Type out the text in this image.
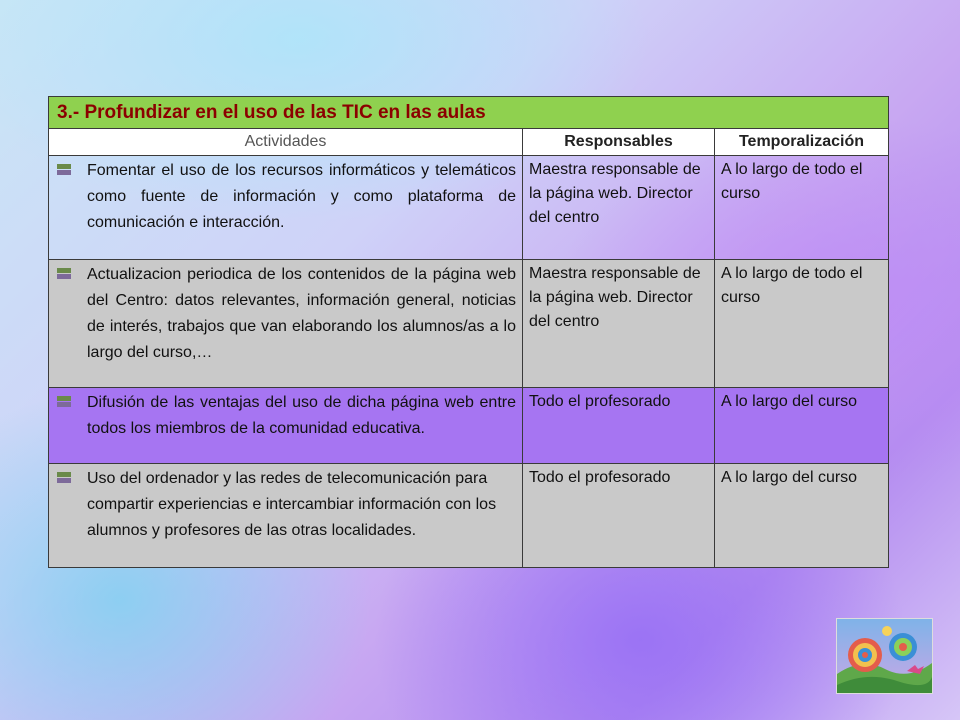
3.- Profundizar en el uso de las TIC en las aulas		
Actividades	Responsables	Temporalización

Fomentar el uso de los recursos informáticos y telemáticos como fuente de información y como plataforma de comunicación e interacción.	Maestra responsable de la página web. Director del centro	A lo largo de todo el curso

Actualizacion periodica de los contenidos de la página web del Centro: datos relevantes, información general, noticias de interés, trabajos que van elaborando los alumnos/as a lo largo del curso,…	Maestra responsable de la página web. Director del centro	A lo largo de todo el curso

Difusión de las ventajas del uso de dicha página web entre todos los miembros de la comunidad educativa.	Todo el profesorado	A lo largo del curso

Uso del ordenador y las redes de telecomunicación para compartir experiencias e intercambiar información con los alumnos y profesores de las otras localidades.	Todo el profesorado	A lo largo del curso
